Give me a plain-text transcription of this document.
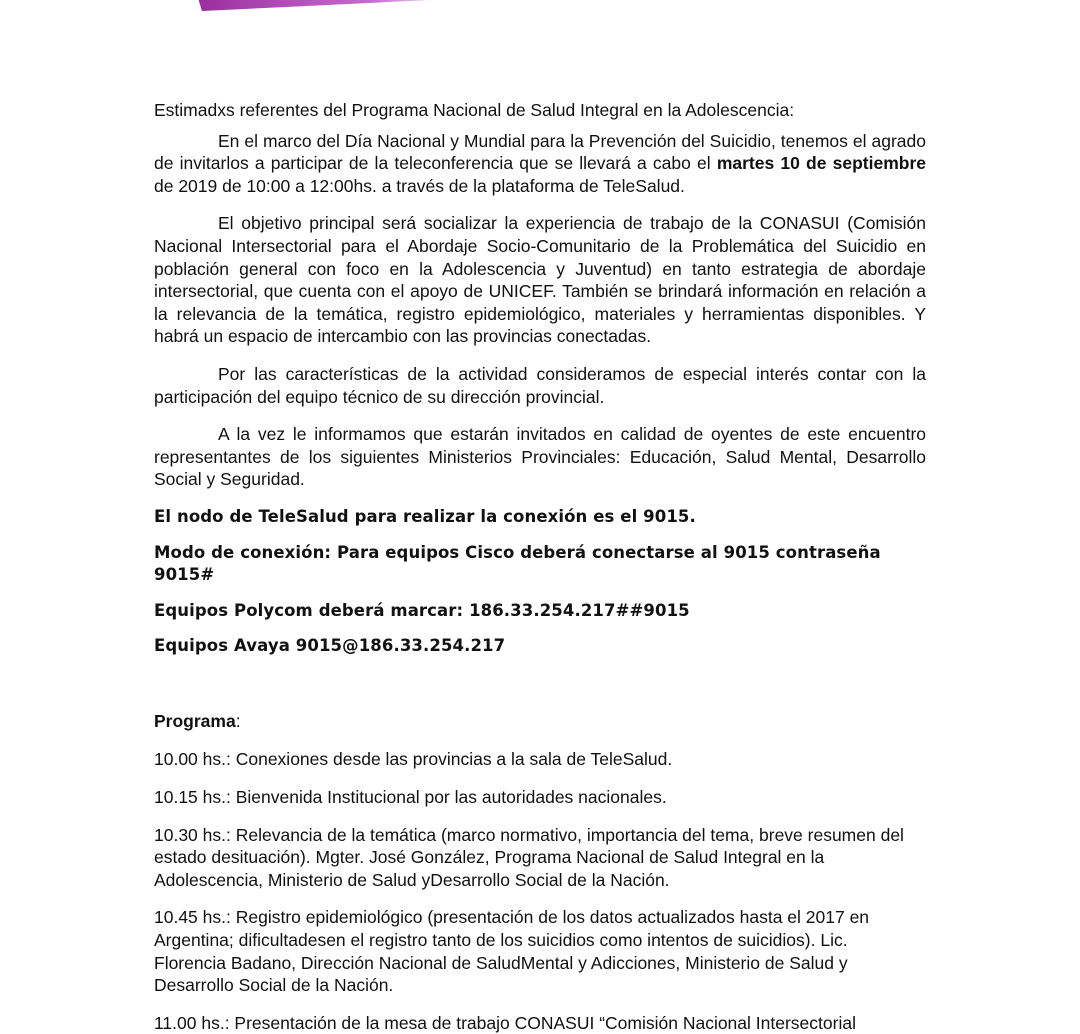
Estimadxs referentes del Programa Nacional de Salud Integral en la Adolescencia:

En el marco del Día Nacional y Mundial para la Prevención del Suicidio, tenemos el agrado de invitarlos a participar de la teleconferencia que se llevará a cabo el martes 10 de septiembre de 2019 de 10:00 a 12:00hs. a través de la plataforma de TeleSalud.

El objetivo principal será socializar la experiencia de trabajo de la CONASUI (Comisión Nacional Intersectorial para el Abordaje Socio-Comunitario de la Problemática del Suicidio en población general con foco en la Adolescencia y Juventud) en tanto estrategia de abordaje intersectorial, que cuenta con el apoyo de UNICEF. También se brindará información en relación a la relevancia de la temática, registro epidemiológico, materiales y herramientas disponibles. Y habrá un espacio de intercambio con las provincias conectadas.

Por las características de la actividad consideramos de especial interés contar con la participación del equipo técnico de su dirección provincial.

A la vez le informamos que estarán invitados en calidad de oyentes de este encuentro representantes de los siguientes Ministerios Provinciales: Educación, Salud Mental, Desarrollo Social y Seguridad.

El nodo de TeleSalud para realizar la conexión es el 9015.

Modo de conexión: Para equipos Cisco deberá conectarse al 9015 contraseña 9015#

Equipos Polycom deberá marcar: 186.33.254.217##9015

Equipos Avaya 9015@186.33.254.217

Programa:

10.00 hs.: Conexiones desde las provincias a la sala de TeleSalud.
10.15 hs.: Bienvenida Institucional por las autoridades nacionales.
10.30 hs.: Relevancia de la temática (marco normativo, importancia del tema, breve resumen del estado desituación). Mgter. José González, Programa Nacional de Salud Integral en la Adolescencia, Ministerio de Salud yDesarrollo Social de la Nación.
10.45 hs.: Registro epidemiológico (presentación de los datos actualizados hasta el 2017 en Argentina; dificultadesen el registro tanto de los suicidios como intentos de suicidios). Lic. Florencia Badano, Dirección Nacional de SaludMental y Adicciones, Ministerio de Salud y Desarrollo Social de la Nación.
11.00 hs.: Presentación de la mesa de trabajo CONASUI “Comisión Nacional Intersectorial
